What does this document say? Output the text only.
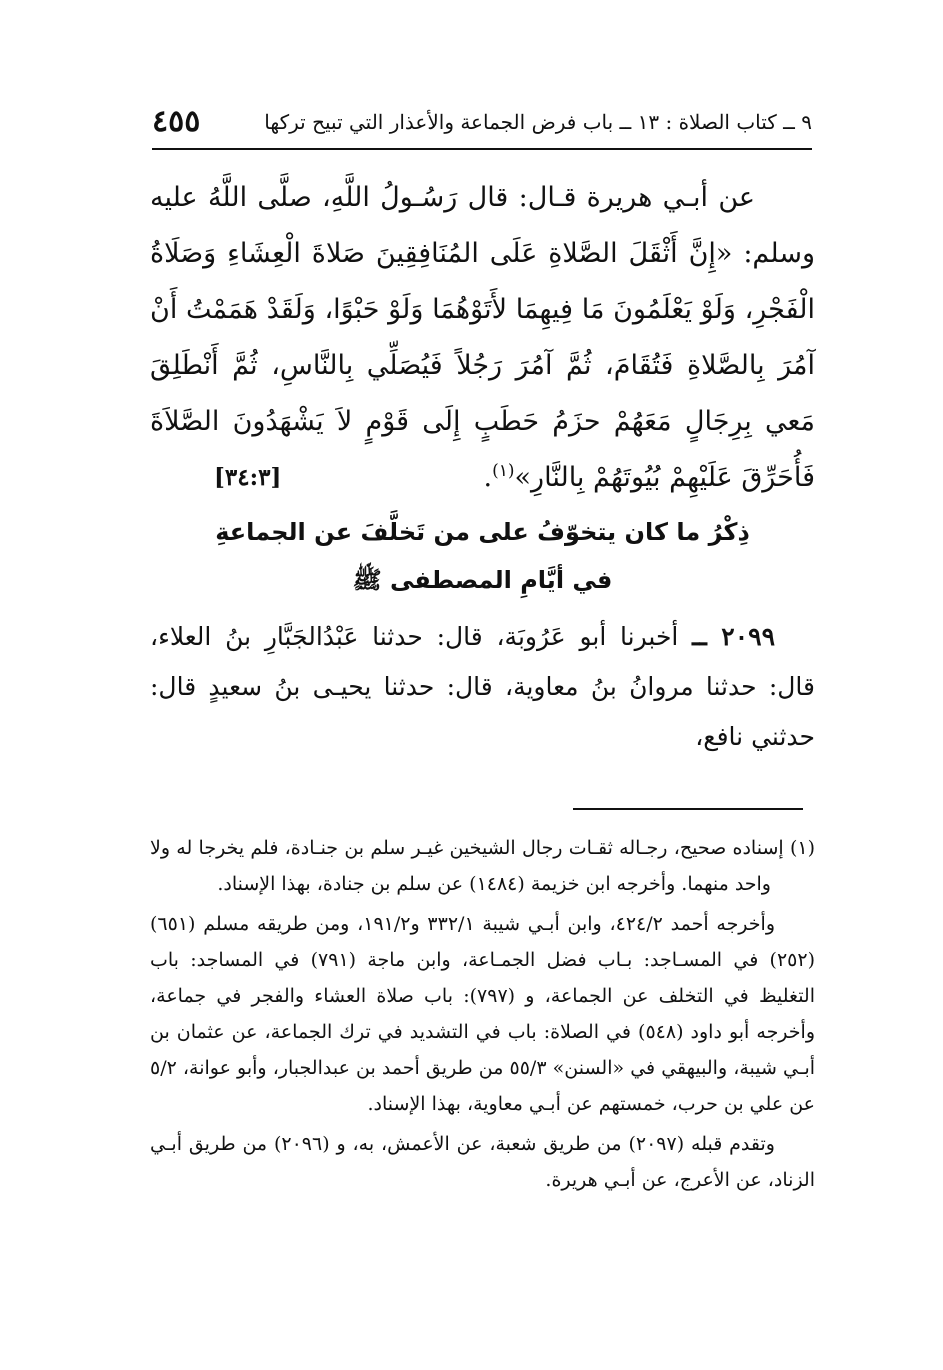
٩ ــ كتاب الصلاة : ١٣ ــ باب فرض الجماعة والأعذار التي تبيح تركها
٤٥٥

عن أبـي هريرة قـال: قال رَسُـولُ اللَّهِ، صلَّى اللَّهُ عليه وسلم: «إِنَّ أَثْقَلَ الصَّلاةِ عَلَى المُنَافِقِينَ صَلاةَ الْعِشَاءِ وَصَلَاةُ الْفَجْرِ، وَلَوْ يَعْلَمُونَ مَا فِيهِمَا لأَتَوْهُمَا وَلَوْ حَبْوًا، وَلَقَدْ هَمَمْتُ أَنْ آمُرَ بِالصَّلاةِ فَتُقَامَ، ثُمَّ آمُرَ رَجُلاً فَيُصَلِّي بِالنَّاسِ، ثُمَّ أَنْطَلِقَ مَعي بِرِجَالٍ مَعَهُمْ حزَمُ حَطَبٍ إِلَى قَوْمٍ لاَ يَشْهَدُونَ الصَّلاَةَ فَأُحَرِّقَ عَلَيْهِمْ بُيُوتَهُمْ بِالنَّارِ»$^{(١)}$.
[٣٤:٣]

ذِكْرُ ما كان يتخوّفُ على من تَخلَّفَ عن الجماعةِ
في أيَّامِ المصطفى ﷺ

٢٠٩٩ ــ أخبرنا أبو عَرُوبَة، قال: حدثنا عَبْدُالجَبَّارِ بنُ العلاء، قال: حدثنا مروانُ بنُ معاوية، قال: حدثنا يحيـى بنُ سعيدٍ قال: حدثني نافع،

(١) إسناده صحيح، رجـاله ثقـات رجال الشيخين غيـر سلم بن جنـادة، فلم يخرجا له ولا واحد منهما. وأخرجه ابن خزيمة (١٤٨٤) عن سلم بن جنادة، بهذا الإسناد.

وأخرجه أحمد ٤٢٤/٢، وابن أبـي شيبة ٣٣٢/١ و١٩١/٢، ومن طريقه مسلم (٦٥١) (٢٥٢) في المسـاجد: بـاب فضل الجمـاعة، وابن ماجة (٧٩١) في المساجد: باب التغليظ في التخلف عن الجماعة، و (٧٩٧): باب صلاة العشاء والفجر في جماعة، وأخرجه أبو داود (٥٤٨) في الصلاة: باب في التشديد في ترك الجماعة، عن عثمان بن أبـي شيبة، والبيهقي في «السنن» ٥٥/٣ من طريق أحمد بن عبدالجبار، وأبو عوانة، ٥/٢ عن علي بن حرب، خمستهم عن أبـي معاوية، بهذا الإسناد.

وتقدم قبله (٢٠٩٧) من طريق شعبة، عن الأعمش، به، و (٢٠٩٦) من طريق أبـي الزناد، عن الأعرج، عن أبـي هريرة.
